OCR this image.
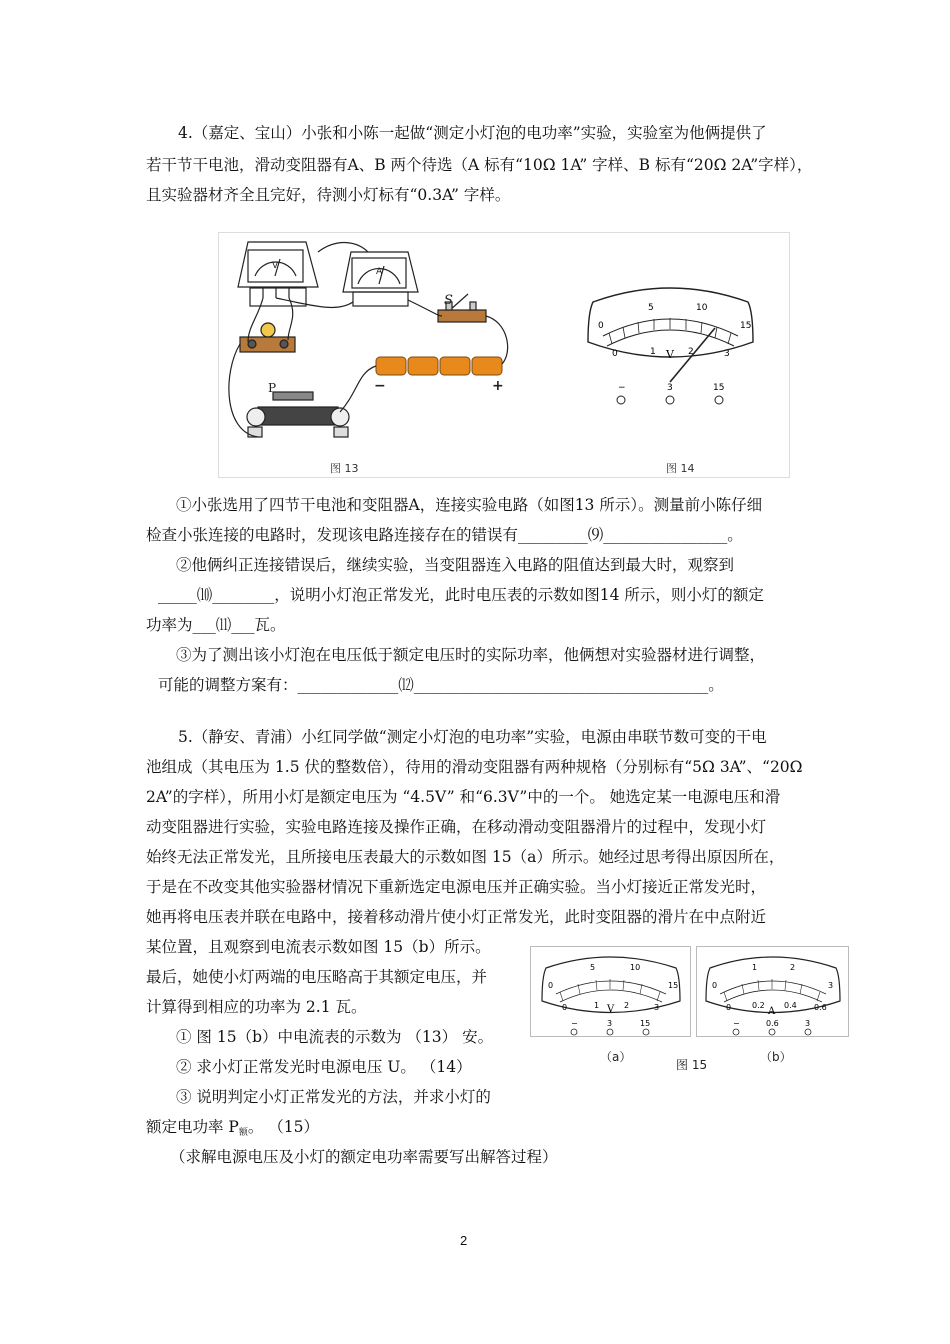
4.（嘉定、宝山）小张和小陈一起做“测定小灯泡的电功率”实验，实验室为他俩提供了
若干节干电池，滑动变阻器有A、B 两个待选（A 标有“10Ω 1A” 字样、B 标有“20Ω 2A”字样），
且实验器材齐全且完好，待测小灯标有“0.3A” 字样。
V
A
S
−	+
P
图 13
0
5	10
15
0	1 V 2	3
−	3	15
图 14
①小张选用了四节干电池和变阻器A，连接实验电路（如图13 所示）。测量前小陈仔细
检查小张连接的电路时，发现该电路连接存在的错误有_________⑼________________。
②他俩纠正连接错误后，继续实验，当变阻器连入电路的阻值达到最大时，观察到
_____⑽________，说明小灯泡正常发光，此时电压表的示数如图14 所示，则小灯的额定
功率为___⑾___瓦。
③为了测出该小灯泡在电压低于额定电压时的实际功率，他俩想对实验器材进行调整，
可能的调整方案有：_____________⑿______________________________________。
5.（静安、青浦）小红同学做“测定小灯泡的电功率”实验，电源由串联节数可变的干电
池组成（其电压为 1.5 伏的整数倍），待用的滑动变阻器有两种规格（分别标有“5Ω 3A”、“20Ω
2A”的字样），所用小灯是额定电压为 “4.5V” 和“6.3V”中的一个。 她选定某一电源电压和滑
动变阻器进行实验，实验电路连接及操作正确，在移动滑动变阻器滑片的过程中，发现小灯
始终无法正常发光，且所接电压表最大的示数如图 15（a）所示。她经过思考得出原因所在，
于是在不改变其他实验器材情况下重新选定电源电压并正确实验。当小灯接近正常发光时，
她再将电压表并联在电路中，接着移动滑片使小灯正常发光，此时变阻器的滑片在中点附近
某位置，且观察到电流表示数如图 15（b）所示。
最后，她使小灯两端的电压略高于其额定电压，并
计算得到相应的功率为 2.1 瓦。
① 图 15（b）中电流表的示数为 （13） 安。
② 求小灯正常发光时电源电压 U。 （14）
③ 说明判定小灯正常发光的方法，并求小灯的
额定电功率 $P_额$。 （15）
（求解电源电压及小灯的额定电功率需要写出解答过程）
0
5	10
15
0	1 V 2	3
−	3	15
0
1	2
3
0	0.2
A
0.4 0.6
−	0.6	3
（a）	（b）
图 15
2
